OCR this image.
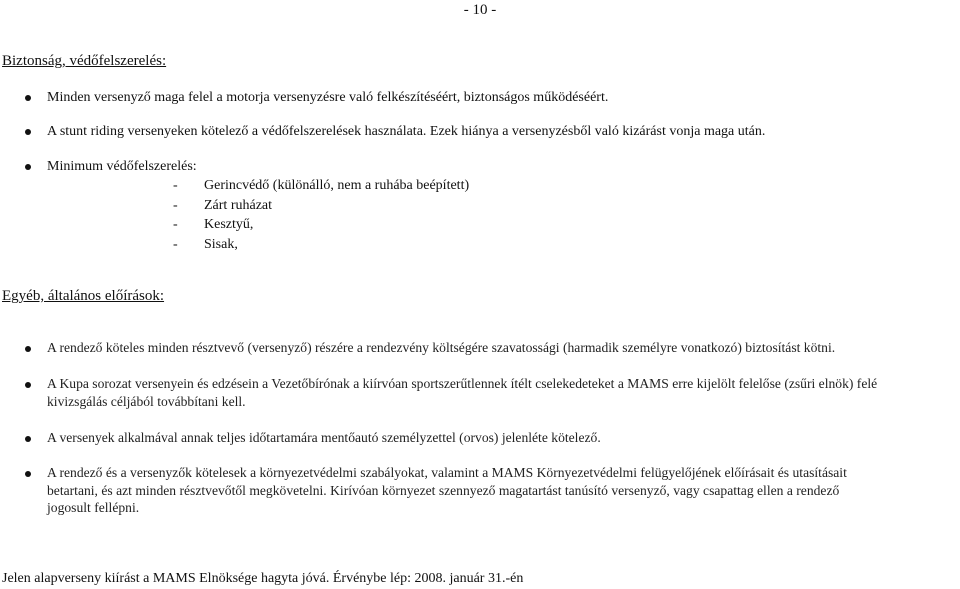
- 10 -
Biztonság, védőfelszerelés:
Minden versenyző maga felel a motorja versenyzésre való felkészítéséért, biztonságos működéséért.
A stunt riding versenyeken kötelező a védőfelszerelések használata. Ezek hiánya a versenyzésből való kizárást vonja maga után.
Minimum védőfelszerelés:
- Gerincvédő (különálló, nem a ruhába beépített)
- Zárt ruházat
- Kesztyű,
- Sisak,
Egyéb, általános előírások:
A rendező köteles minden résztvevő (versenyző) részére a rendezvény költségére szavatossági (harmadik személyre vonatkozó) biztosítást kötni.
A Kupa sorozat versenyein és edzésein a Vezetőbírónak a kiírvóan sportszerűtlennek ítélt cselekedeteket a MAMS erre kijelölt felelőse (zsűri elnök) felé
kivizsgálás céljából továbbítani kell.
A versenyek alkalmával annak teljes időtartamára mentőautó személyzettel (orvos) jelenléte kötelező.
A rendező és a versenyzők kötelesek a környezetvédelmi szabályokat, valamint a MAMS Környezetvédelmi felügyelőjének előírásait és utasításait
betartani, és azt minden résztvevőtől megkövetelni. Kirívóan környezet szennyező magatartást tanúsító versenyző, vagy csapattag ellen a rendező
jogosult fellépni.
Jelen alapverseny kiírást a MAMS Elnöksége hagyta jóvá. Érvénybe lép: 2008. január 31.-én
